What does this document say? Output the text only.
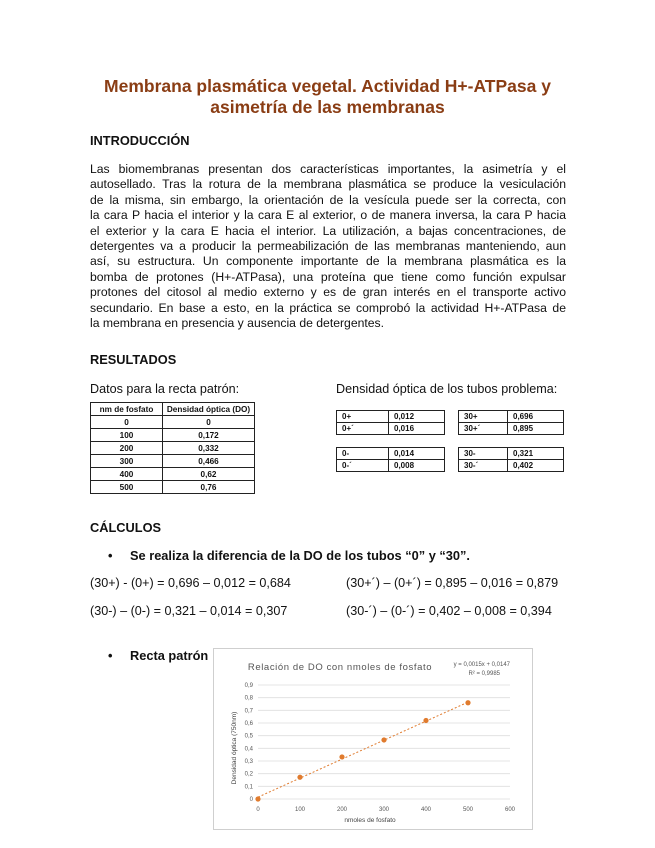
Membrana plasmática vegetal. Actividad H+-ATPasa y
asimetría de las membranas
INTRODUCCIÓN
Las biomembranas presentan dos características importantes, la asimetría y el
autosellado. Tras la rotura de la membrana plasmática se produce la vesiculación
de la misma, sin embargo, la orientación de la vesícula puede ser la correcta, con
la cara P hacia el interior y la cara E al exterior, o de manera inversa, la cara P hacia
el exterior y la cara E hacia el interior. La utilización, a bajas concentraciones, de
detergentes va a producir la permeabilización de las membranas manteniendo, aun
así, su estructura. Un componente importante de la membrana plasmática es la
bomba de protones (H+-ATPasa), una proteína que tiene como función expulsar
protones del citosol al medio externo y es de gran interés en el transporte activo
secundario. En base a esto, en la práctica se comprobó la actividad H+-ATPasa de
la membrana en presencia y ausencia de detergentes.
RESULTADOS
Datos para la recta patrón:	Densidad óptica de los tubos problema:
nm de fosfato	Densidad óptica (DO)
0	0
100	0,172
200	0,332
300	0,466
400	0,62
500	0,76
0+	0,012
0+´	0,016

0-	0,014
0-´	0,008
30+	0,696
30+´	0,895

30-	0,321
30-´	0,402
CÁLCULOS
• Se realiza la diferencia de la DO de los tubos “0” y “30”.
(30+) - (0+) = 0,696 – 0,012 = 0,684	(30+´) – (0+´) = 0,895 – 0,016 = 0,879
(30-) – (0-) = 0,321 – 0,014 = 0,307	(30-´) – (0-´) = 0,402 – 0,008 = 0,394
• Recta patrón
0
0,1
0,2
0,3
0,4
0,5
0,6
0,7
0,8
0,9
0	100	200	300	400	500	600
Relación de DO con nmoles de fosfato	y = 0,0015x + 0,0147
R² = 0,9985
nmoles de fosfato
Densidad óptica (750nm)
